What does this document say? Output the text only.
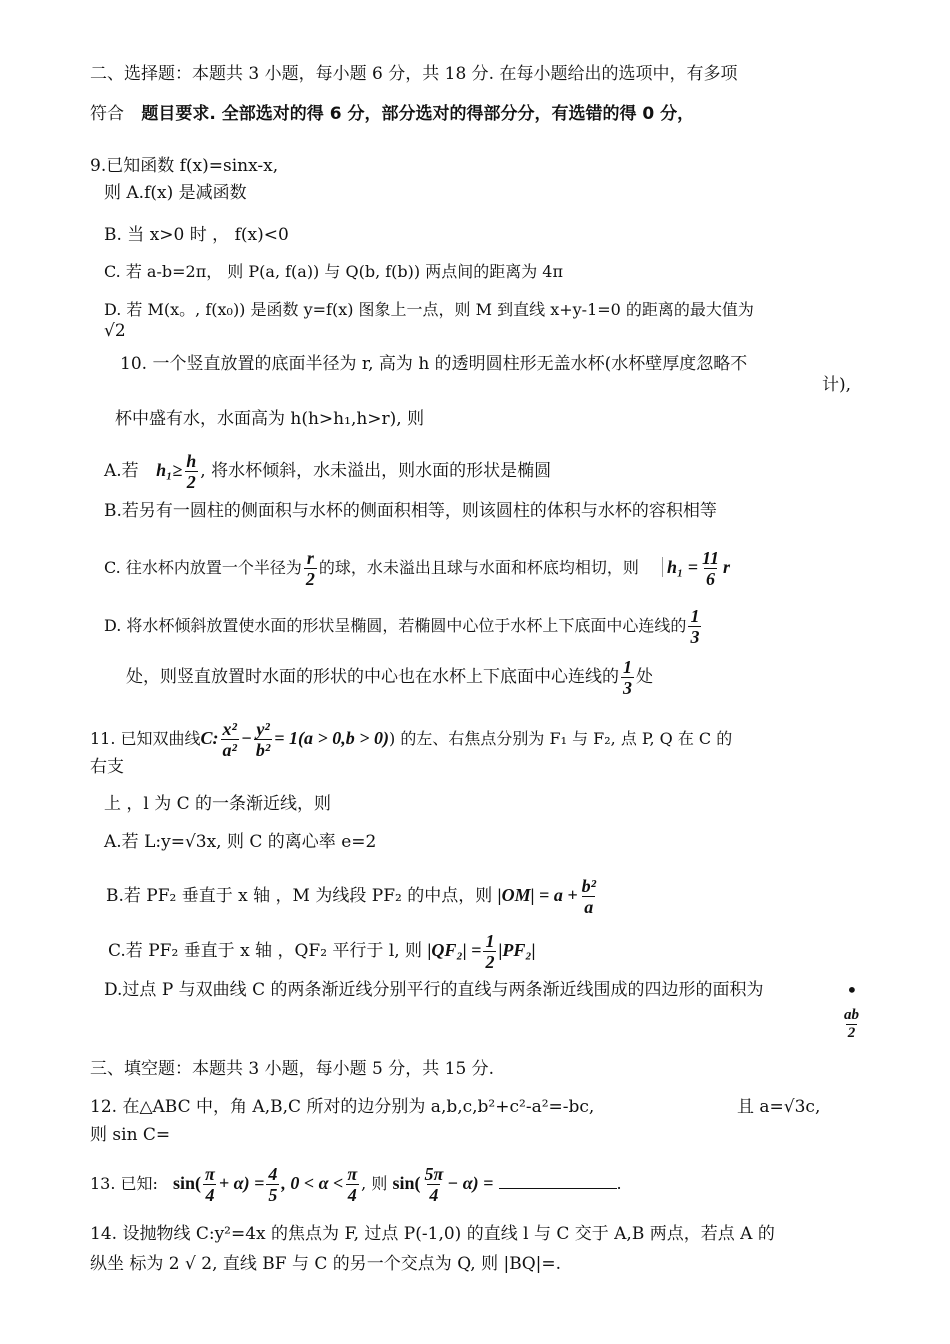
二、选择题：本题共 3 小题，每小题 6 分，共 18 分. 在每小题给出的选项中，有多项
符合 题目要求. 全部选对的得 6 分，部分选对的得部分分，有选错的得 0 分，
9.已知函数 f(x)=sinx-x,
则 A.f(x) 是减函数
B. 当 x>0 时 ， f(x)<0
C. 若 a-b=2π， 则 P(a, f(a)) 与 Q(b, f(b)) 两点间的距离为 4π
D. 若 M(x。, f(x₀)) 是函数 y=f(x) 图象上一点，则 M 到直线 x+y-1=0 的距离的最大值为
√2
10. 一个竖直放置的底面半径为 r, 高为 h 的透明圆柱形无盖水杯(水杯壁厚度忽略不
计),
杯中盛有水，水面高为 h(h>h₁,h>r), 则
A.若 $h_1\ge \frac{h}{2}$ , 将水杯倾斜，水未溢出，则水面的形状是椭圆
B.若另有一圆柱的侧面积与水杯的侧面积相等，则该圆柱的体积与水杯的容积相等
C. 往水杯内放置一个半径为 $\frac{r}{2}$ 的球，水未溢出且球与水面和杯底均相切，则 $h_1 = \frac{11}{6}$ r
D. 将水杯倾斜放置使水面的形状呈椭圆，若椭圆中心位于水杯上下底面中心连线的 $\frac{1}{3}$
处，则竖直放置时水面的形状的中心也在水杯上下底面中心连线的 $\frac{1}{3}$ 处
11. 已知双曲线C: $\frac{\text{x²}}{\text{a²}} - \frac{\text{y²}}{\text{b²}} = 1(a > 0,b > 0)$) 的左、右焦点分别为 F₁ 与 F₂, 点 P, Q 在 C 的
右支
上 ，l 为 C 的一条渐近线，则
A.若 L:y=√3x, 则 C 的离心率 e=2
B.若 PF₂ 垂直于 x 轴 ，M 为线段 PF₂ 的中点，则 $|OM| = a + \frac{\text{b²}}{a}$
C.若 PF₂ 垂直于 x 轴 ，QF₂ 平行于 l, 则 $|QF_2| = \frac{1}{2} |PF_2|$
D.过点 P 与双曲线 C 的两条渐近线分别平行的直线与两条渐近线围成的四边形的面积为	•
$\frac{ab}{2}$
三、填空题：本题共 3 小题，每小题 5 分，共 15 分.
12. 在△ABC 中，角 A,B,C 所对的边分别为 a,b,c,b²+c²-a²=-bc,	且 a=√3c,
则 sin C=
13. 已知: $\sin( \frac{\pi}{4} + \alpha) = \frac{4}{5}$ , $0 < \alpha < \frac{\pi}{4}$ , 则 $\sin( \frac{5\pi}{4} - \alpha)$ =	.
14. 设抛物线 C:y²=4x 的焦点为 F, 过点 P(-1,0) 的直线 l 与 C 交于 A,B 两点，若点 A 的
纵坐 标为 2 √ 2, 直线 BF 与 C 的另一个交点为 Q, 则 |BQ|=.
